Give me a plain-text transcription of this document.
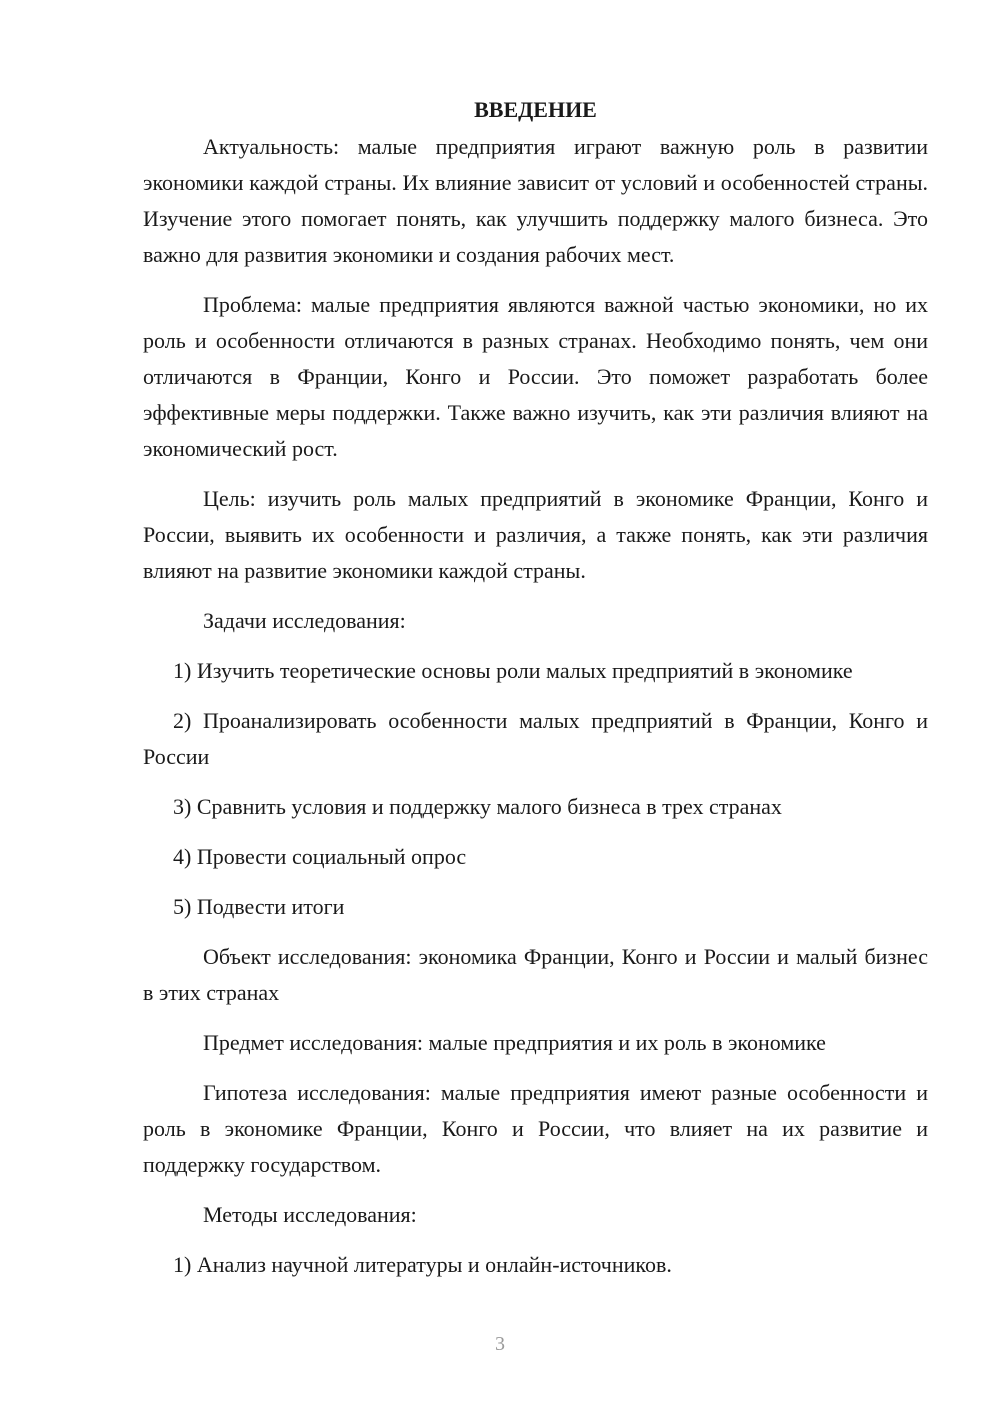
ВВЕДЕНИЕ

Актуальность: малые предприятия играют важную роль в развитии экономики каждой страны. Их влияние зависит от условий и особенностей страны. Изучение этого помогает понять, как улучшить поддержку малого бизнеса. Это важно для развития экономики и создания рабочих мест.

Проблема: малые предприятия являются важной частью экономики, но их роль и особенности отличаются в разных странах. Необходимо понять, чем они отличаются в Франции, Конго и России. Это поможет разработать более эффективные меры поддержки. Также важно изучить, как эти различия влияют на экономический рост.

Цель: изучить роль малых предприятий в экономике Франции, Конго и России, выявить их особенности и различия, а также понять, как эти различия влияют на развитие экономики каждой страны.

Задачи исследования:

1) Изучить теоретические основы роли малых предприятий в экономике

2) Проанализировать особенности малых предприятий в Франции, Конго и России

3) Сравнить условия и поддержку малого бизнеса в трех странах

4) Провести социальный опрос

5) Подвести итоги

Объект исследования: экономика Франции, Конго и России и малый бизнес в этих странах

Предмет исследования: малые предприятия и их роль в экономике

Гипотеза исследования: малые предприятия имеют разные особенности и роль в экономике Франции, Конго и России, что влияет на их развитие и поддержку государством.

Методы исследования:

1) Анализ научной литературы и онлайн-источников.

3
